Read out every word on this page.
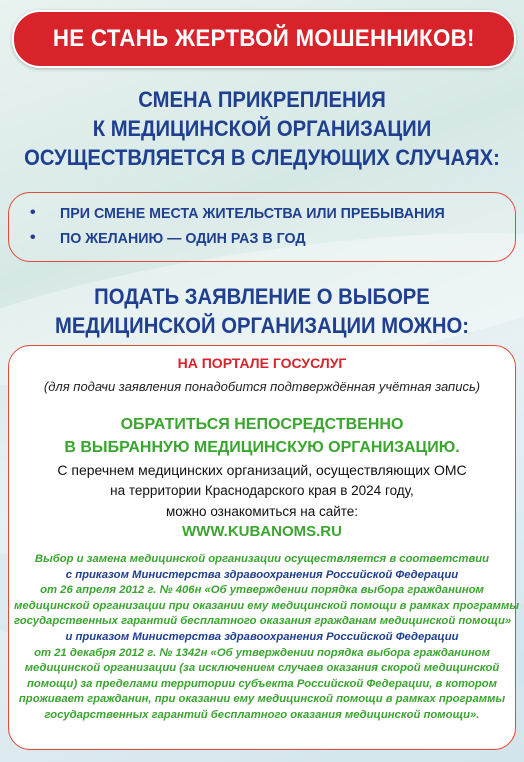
НЕ СТАНЬ ЖЕРТВОЙ МОШЕННИКОВ!
СМЕНА ПРИКРЕПЛЕНИЯ
К МЕДИЦИНСКОЙ ОРГАНИЗАЦИИ
ОСУЩЕСТВЛЯЕТСЯ В СЛЕДУЮЩИХ СЛУЧАЯХ:
•	ПРИ СМЕНЕ МЕСТА ЖИТЕЛЬСТВА ИЛИ ПРЕБЫВАНИЯ
•	ПО ЖЕЛАНИЮ — ОДИН РАЗ В ГОД
ПОДАТЬ ЗАЯВЛЕНИЕ О ВЫБОРЕ
МЕДИЦИНСКОЙ ОРГАНИЗАЦИИ МОЖНО:
НА ПОРТАЛЕ ГОСУСЛУГ
(для подачи заявления понадобится подтверждённая учётная запись)
ОБРАТИТЬСЯ НЕПОСРЕДСТВЕННО
В ВЫБРАННУЮ МЕДИЦИНСКУЮ ОРГАНИЗАЦИЮ.
С перечнем медицинских организаций, осуществляющих ОМС
на территории Краснодарского края в 2024 году,
можно ознакомиться на сайте:
WWW.KUBANOMS.RU
Выбор и замена медицинской организации осуществляется в соответствии
с приказом Министерства здравоохранения Российской Федерации
от 26 апреля 2012 г. № 406н «Об утверждении порядка выбора гражданином
медицинской организации при оказании ему медицинской помощи в рамках программы
государственных гарантий бесплатного оказания гражданам медицинской помощи»
и приказом Министерства здравоохранения Российской Федерации
от 21 декабря 2012 г. № 1342н «Об утверждении порядка выбора гражданином
медицинской организации (за исключением случаев оказания скорой медицинской
помощи) за пределами территории субъекта Российской Федерации, в котором
проживает гражданин, при оказании ему медицинской помощи в рамках программы
государственных гарантий бесплатного оказания медицинской помощи».
